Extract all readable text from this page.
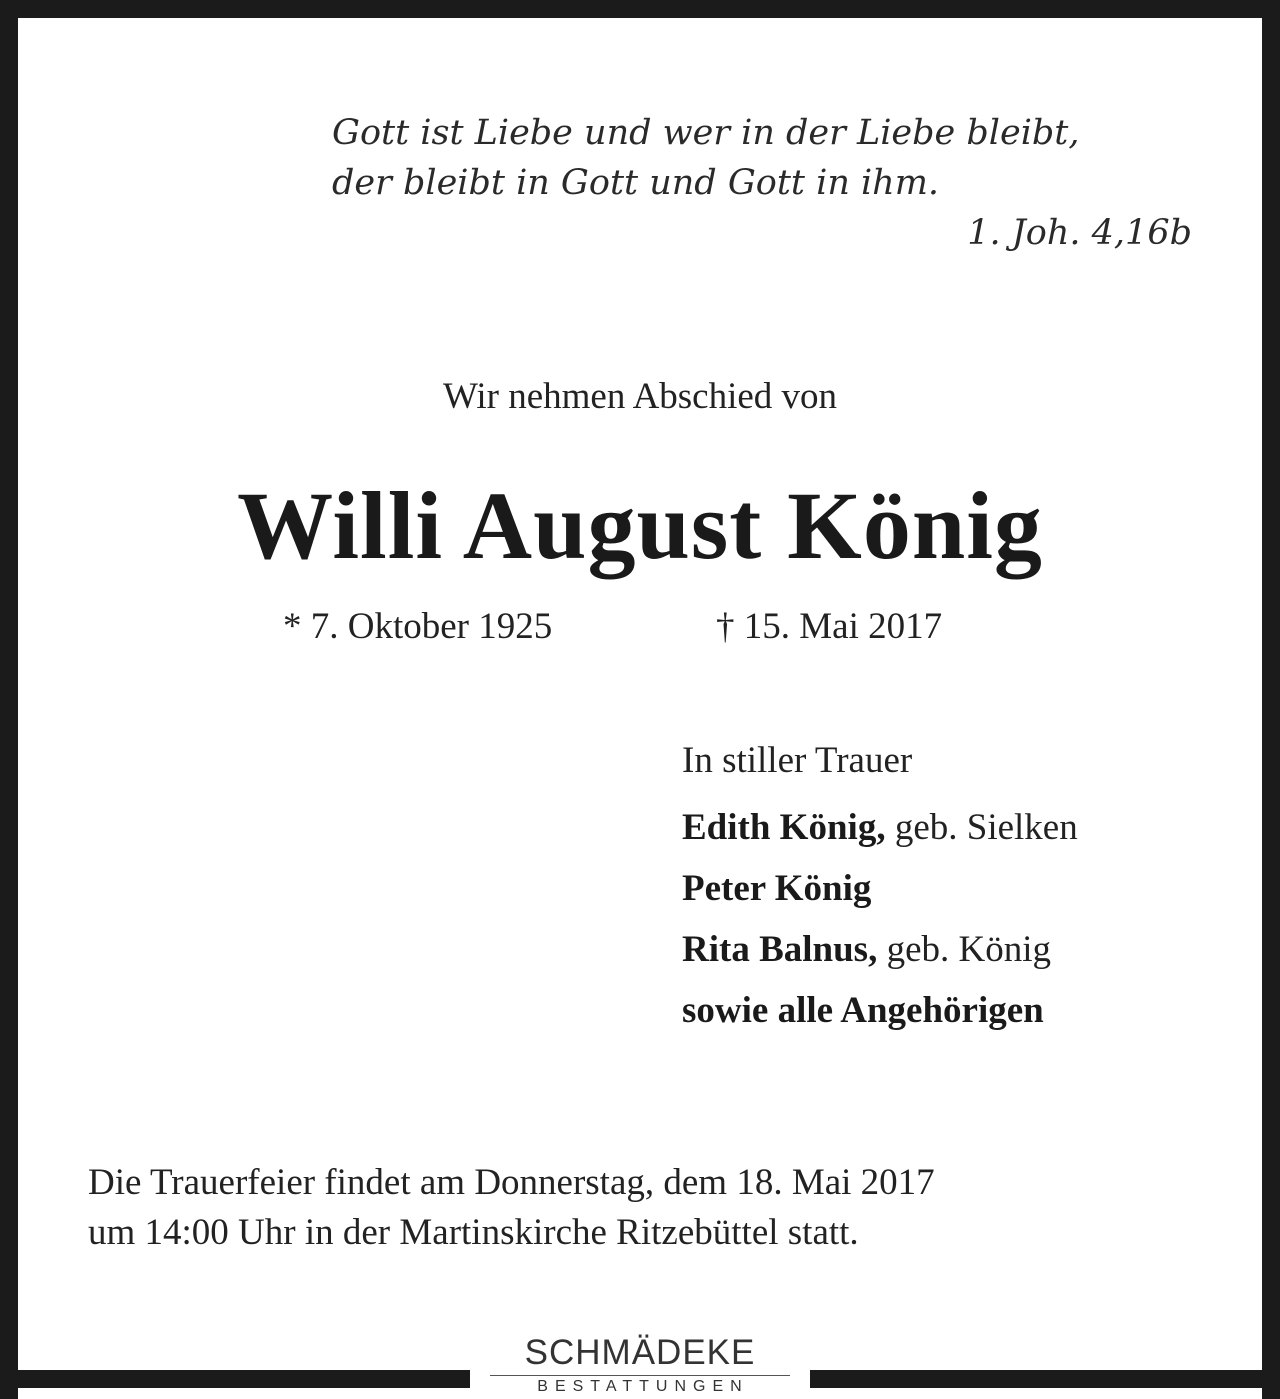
Gott ist Liebe und wer in der Liebe bleibt,
der bleibt in Gott und Gott in ihm.
1. Joh. 4,16b
Wir nehmen Abschied von
Willi August König
* 7. Oktober 1925	† 15. Mai 2017
In stiller Trauer
Edith König, geb. Sielken
Peter König
Rita Balnus, geb. König
sowie alle Angehörigen
Die Trauerfeier findet am Donnerstag, dem 18. Mai 2017
um 14:00 Uhr in der Martinskirche Ritzebüttel statt.
SCHMÄDEKE
BESTATTUNGEN
